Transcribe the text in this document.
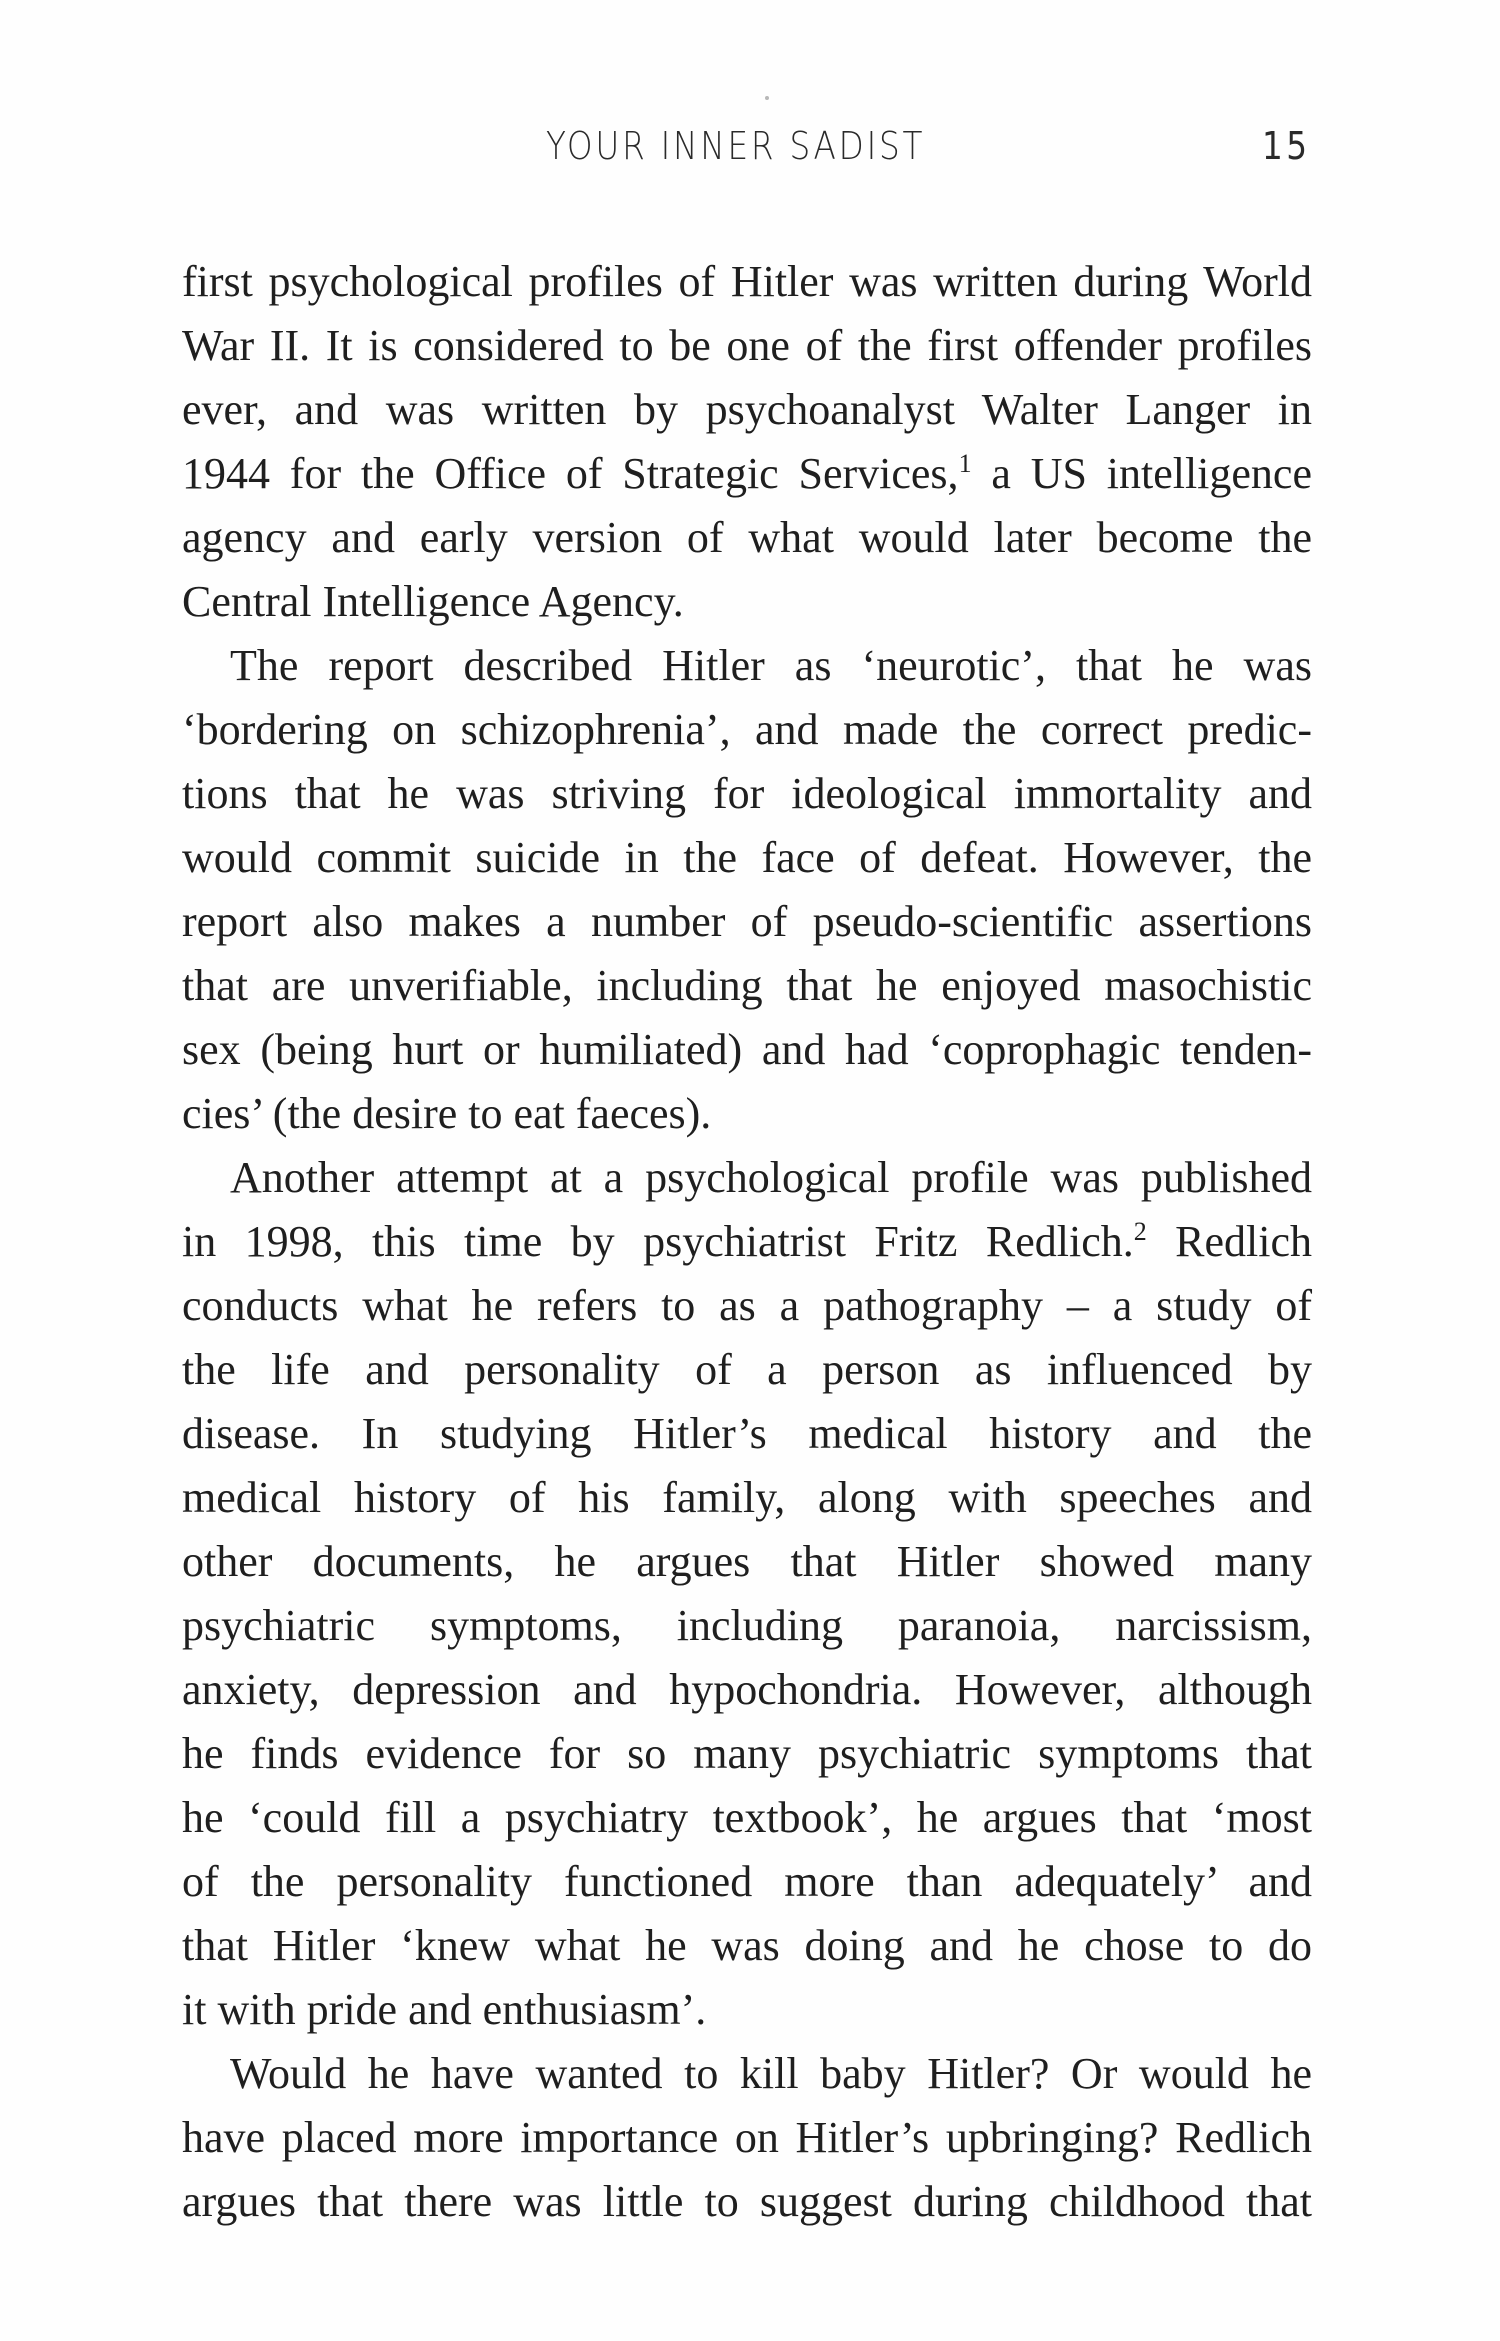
YOUR INNER SADIST	15
first psychological profiles of Hitler was written during World
War II. It is considered to be one of the first offender profiles
ever, and was written by psychoanalyst Walter Langer in
1944 for the Office of Strategic Services,$^1$ a US intelligence
agency and early version of what would later become the
Central Intelligence Agency.
The report described Hitler as ‘neurotic’, that he was
‘bordering on schizophrenia’, and made the correct predic-
tions that he was striving for ideological immortality and
would commit suicide in the face of defeat. However, the
report also makes a number of pseudo-scientific assertions
that are unverifiable, including that he enjoyed masochistic
sex (being hurt or humiliated) and had ‘coprophagic tenden-
cies’ (the desire to eat faeces).
Another attempt at a psychological profile was published
in 1998, this time by psychiatrist Fritz Redlich.$^2$ Redlich
conducts what he refers to as a pathography – a study of
the life and personality of a person as influenced by
disease. In studying Hitler’s medical history and the
medical history of his family, along with speeches and
other documents, he argues that Hitler showed many
psychiatric symptoms, including paranoia, narcissism,
anxiety, depression and hypochondria. However, although
he finds evidence for so many psychiatric symptoms that
he ‘could fill a psychiatry textbook’, he argues that ‘most
of the personality functioned more than adequately’ and
that Hitler ‘knew what he was doing and he chose to do
it with pride and enthusiasm’.
Would he have wanted to kill baby Hitler? Or would he
have placed more importance on Hitler’s upbringing? Redlich
argues that there was little to suggest during childhood that
